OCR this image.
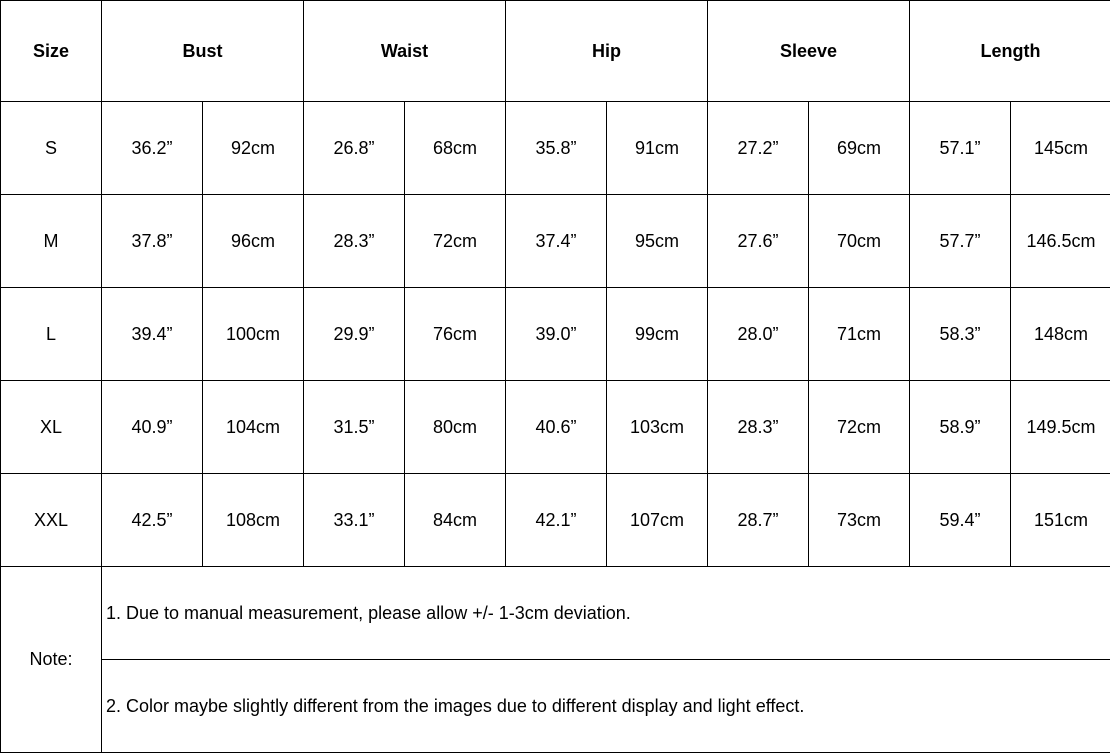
Size	Bust		Waist		Hip		Sleeve		Length	
S	36.2”	92cm	26.8”	68cm	35.8”	91cm	27.2”	69cm	57.1”	145cm
M	37.8”	96cm	28.3”	72cm	37.4”	95cm	27.6”	70cm	57.7”	146.5cm
L	39.4”	100cm	29.9”	76cm	39.0”	99cm	28.0”	71cm	58.3”	148cm
XL	40.9”	104cm	31.5”	80cm	40.6”	103cm	28.3”	72cm	58.9”	149.5cm
XXL	42.5”	108cm	33.1”	84cm	42.1”	107cm	28.7”	73cm	59.4”	151cm
Note:	1. Due to manual measurement, please allow +/- 1-3cm deviation.									
	2. Color maybe slightly different from the images due to different display and light effect.									
